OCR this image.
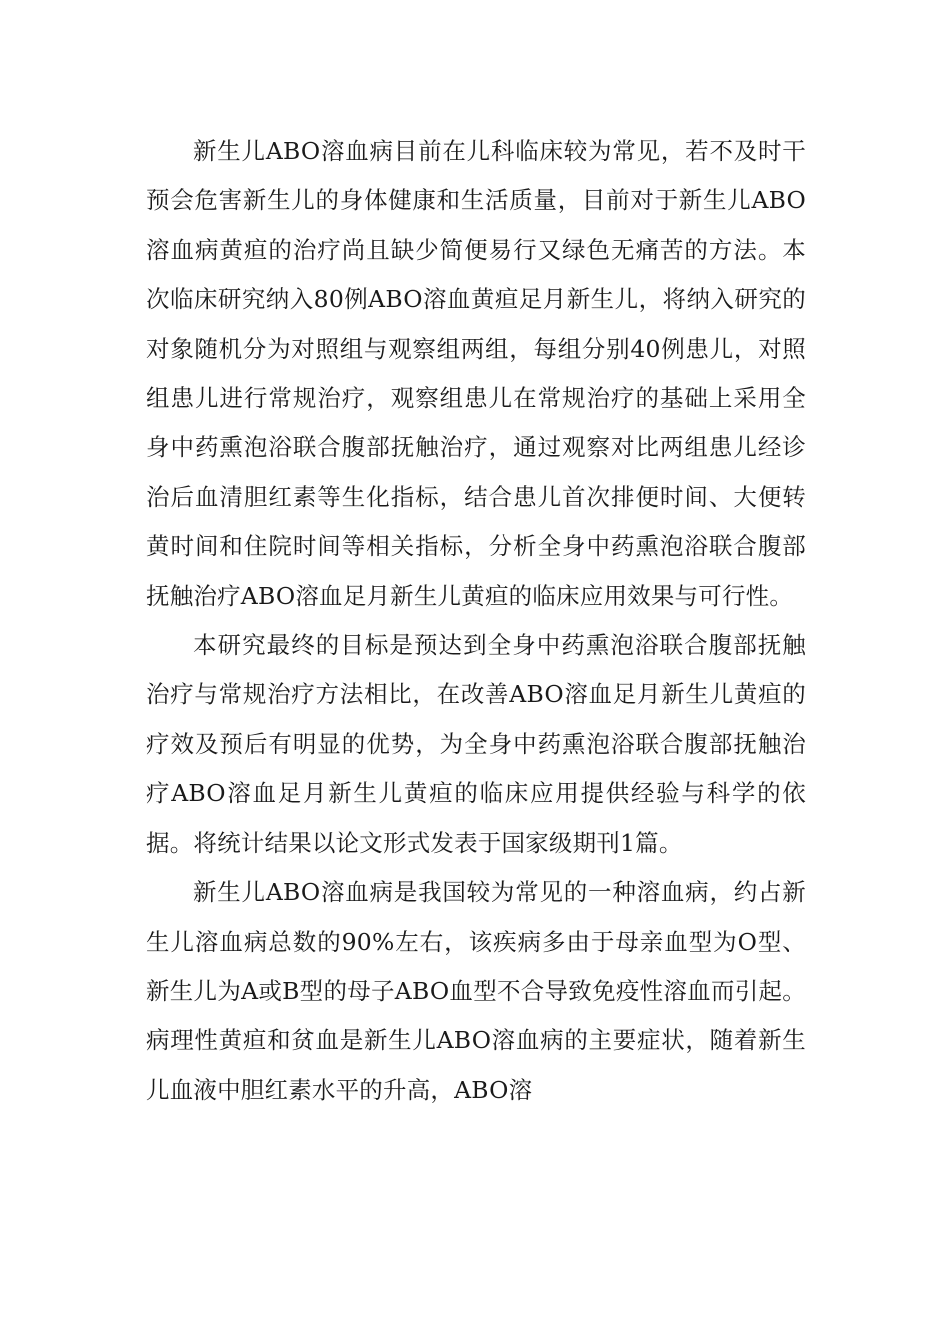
新生儿ABO溶血病目前在儿科临床较为常见，若不及时干预会危害新生儿的身体健康和生活质量，目前对于新生儿ABO溶血病黄疸的治疗尚且缺少简便易行又绿色无痛苦的方法。本次临床研究纳入80例ABO溶血黄疸足月新生儿，将纳入研究的对象随机分为对照组与观察组两组，每组分别40例患儿，对照组患儿进行常规治疗，观察组患儿在常规治疗的基础上采用全身中药熏泡浴联合腹部抚触治疗，通过观察对比两组患儿经诊治后血清胆红素等生化指标，结合患儿首次排便时间、大便转黄时间和住院时间等相关指标，分析全身中药熏泡浴联合腹部抚触治疗ABO溶血足月新生儿黄疸的临床应用效果与可行性。

本研究最终的目标是预达到全身中药熏泡浴联合腹部抚触治疗与常规治疗方法相比，在改善ABO溶血足月新生儿黄疸的疗效及预后有明显的优势，为全身中药熏泡浴联合腹部抚触治疗ABO溶血足月新生儿黄疸的临床应用提供经验与科学的依据。将统计结果以论文形式发表于国家级期刊1篇。

新生儿ABO溶血病是我国较为常见的一种溶血病，约占新生儿溶血病总数的90%左右，该疾病多由于母亲血型为O型、新生儿为A或B型的母子ABO血型不合导致免疫性溶血而引起。病理性黄疸和贫血是新生儿ABO溶血病的主要症状，随着新生儿血液中胆红素水平的升高，ABO溶
